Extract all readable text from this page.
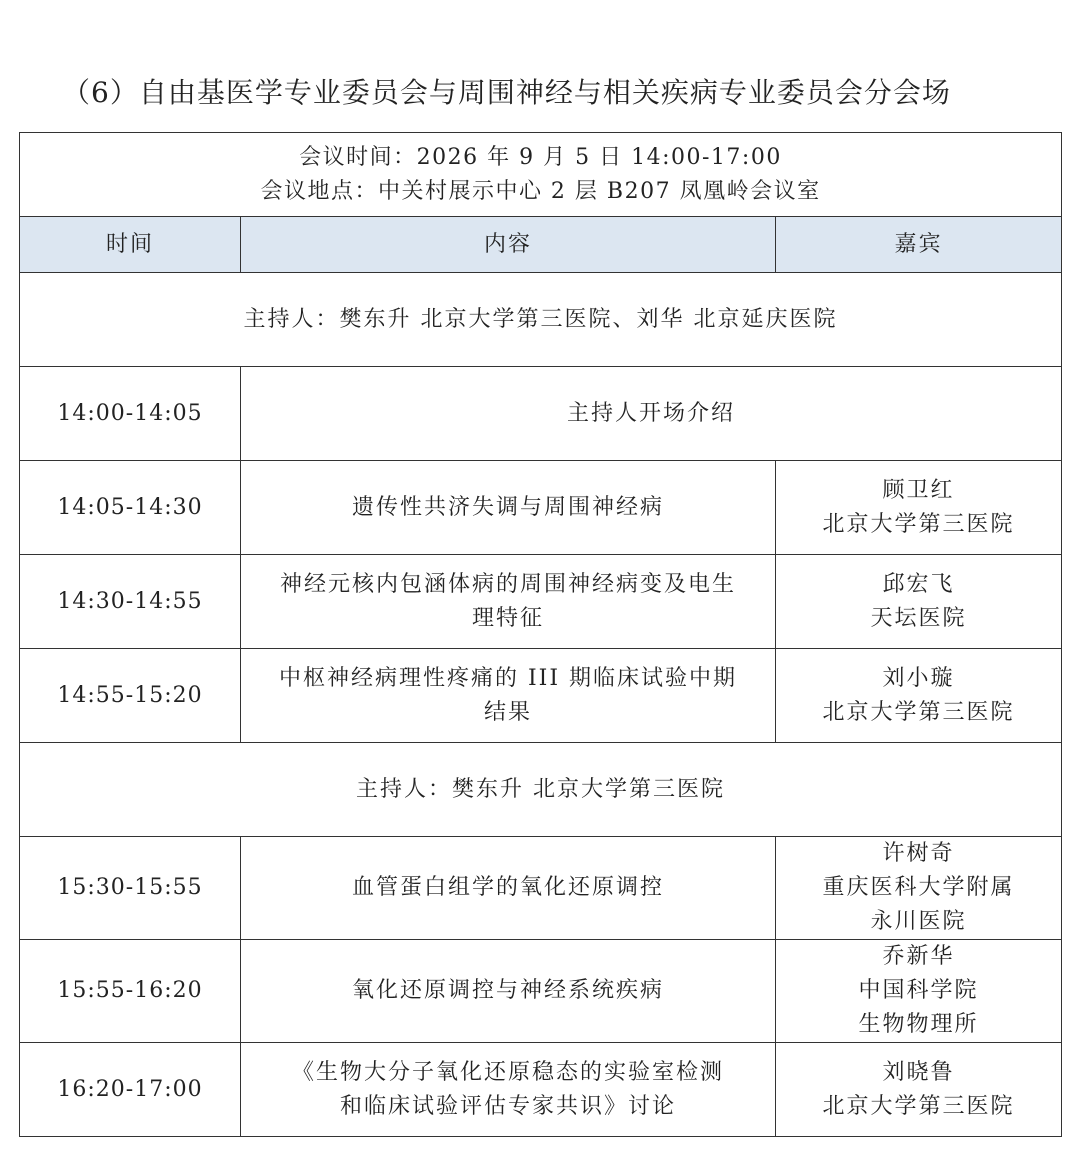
（6）自由基医学专业委员会与周围神经与相关疾病专业委员会分会场
会议时间：2026 年 9 月 5 日 14:00-17:00
会议地点：中关村展示中心 2 层 B207 凤凰岭会议室		

时间	内容	嘉宾
主持人：樊东升 北京大学第三医院、刘华 北京延庆医院		
14:00-14:05	主持人开场介绍	

14:05-14:30	遗传性共济失调与周围神经病	顾卫红
北京大学第三医院

14:30-14:55	神经元核内包涵体病的周围神经病变及电生
理特征	邱宏飞
天坛医院

14:55-15:20	中枢神经病理性疼痛的 III 期临床试验中期
结果	刘小璇
北京大学第三医院

主持人：樊东升 北京大学第三医院		
15:30-15:55	血管蛋白组学的氧化还原调控	许树奇
重庆医科大学附属
永川医院

15:55-16:20	氧化还原调控与神经系统疾病	乔新华
中国科学院
生物物理所

16:20-17:00	《生物大分子氧化还原稳态的实验室检测
和临床试验评估专家共识》讨论	刘晓鲁
北京大学第三医院
